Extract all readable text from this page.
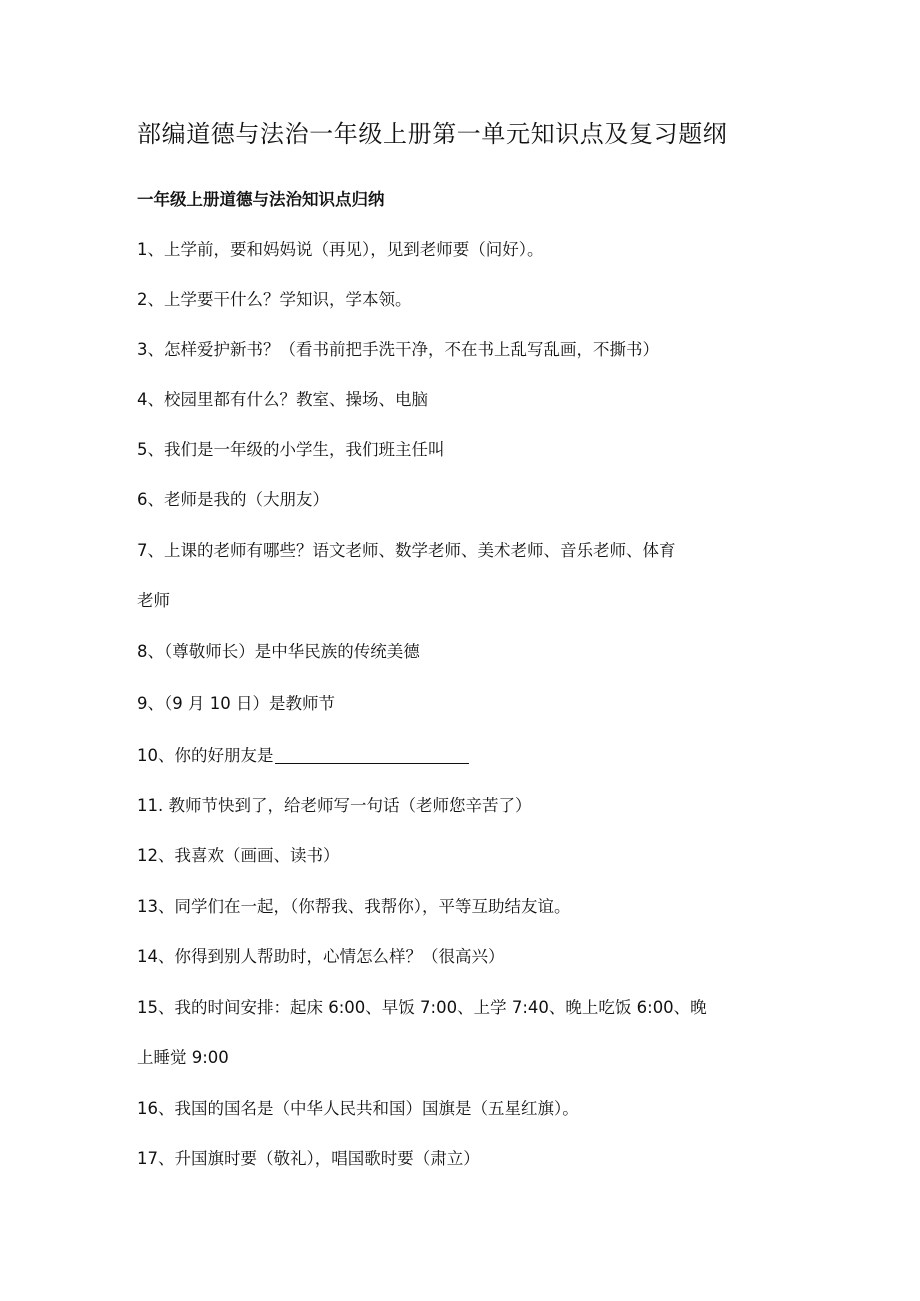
部编道德与法治一年级上册第一单元知识点及复习题纲
一年级上册道德与法治知识点归纳
1、上学前，要和妈妈说（再见），见到老师要（问好）。
2、上学要干什么？学知识，学本领。
3、怎样爱护新书？（看书前把手洗干净，不在书上乱写乱画，不撕书）
4、校园里都有什么？教室、操场、电脑
5、我们是一年级的小学生，我们班主任叫
6、老师是我的（大朋友）
7、上课的老师有哪些？语文老师、数学老师、美术老师、音乐老师、体育
老师
8、（尊敬师长）是中华民族的传统美德
9、（9 月 10 日）是教师节
10、你的好朋友是
11. 教师节快到了，给老师写一句话（老师您辛苦了）
12、我喜欢（画画、读书）
13、同学们在一起，（你帮我、我帮你），平等互助结友谊。
14、你得到别人帮助时，心情怎么样？（很高兴）
15、我的时间安排：起床 6:00、早饭 7:00、上学 7:40、晚上吃饭 6:00、晚
上睡觉 9:00
16、我国的国名是（中华人民共和国）国旗是（五星红旗）。
17、升国旗时要（敬礼），唱国歌时要（肃立）
